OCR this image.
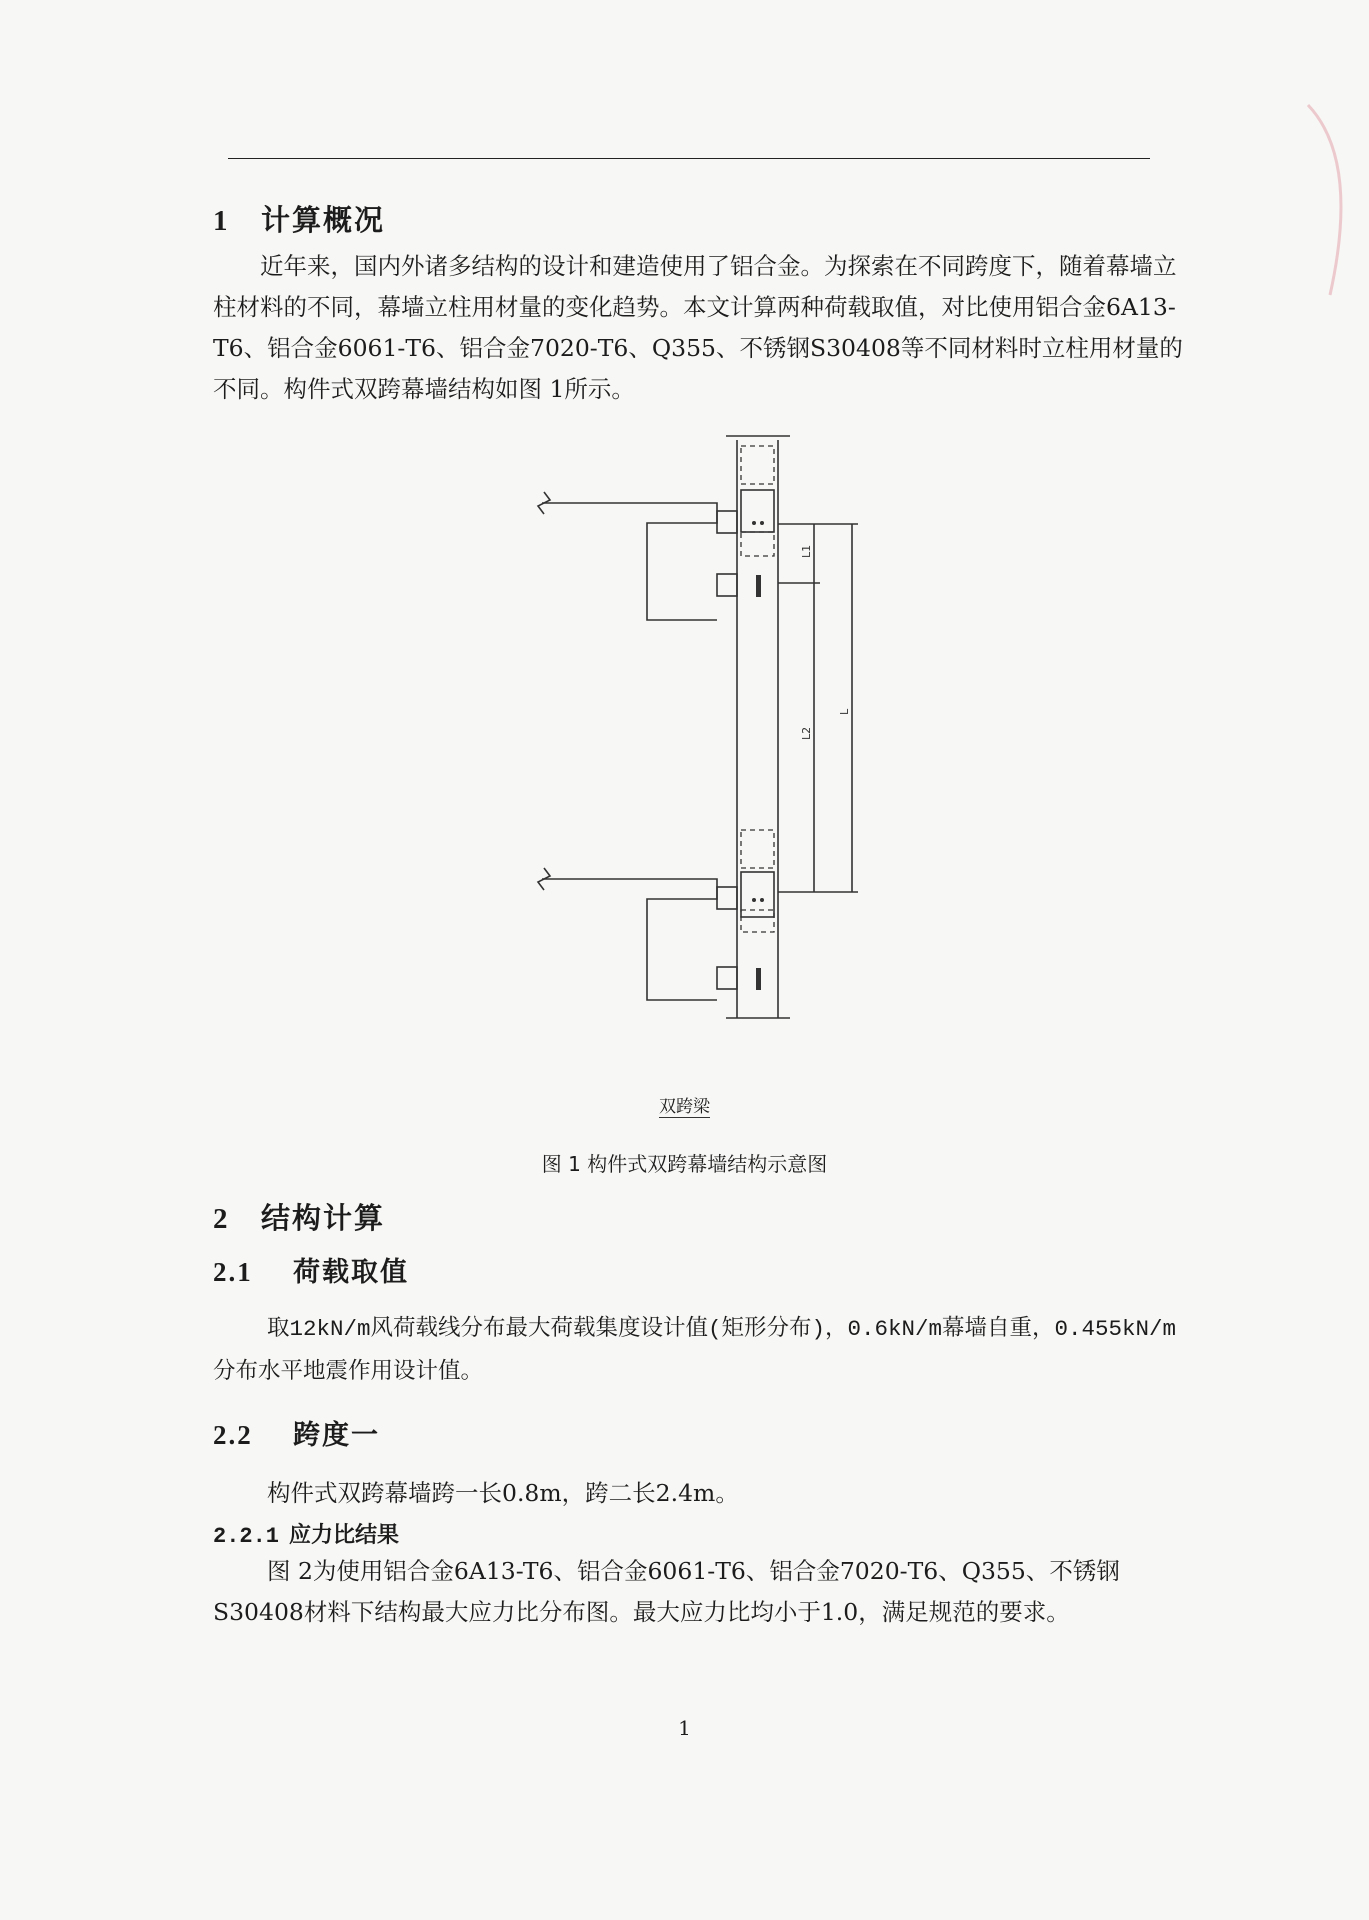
1 计算概况

近年来，国内外诸多结构的设计和建造使用了铝合金。为探索在不同跨度下，随着幕墙立柱材料的不同，幕墙立柱用材量的变化趋势。本文计算两种荷载取值，对比使用铝合金6A13-T6、铝合金6061-T6、铝合金7020-T6、Q355、不锈钢S30408等不同材料时立柱用材量的不同。构件式双跨幕墙结构如图 1所示。

L1
L2
L
双跨梁
图 1 构件式双跨幕墙结构示意图
2 结构计算
2.1 荷载取值

取12kN/m风荷载线分布最大荷载集度设计值(矩形分布)，0.6kN/m幕墙自重，0.455kN/m分布水平地震作用设计值。

2.2 跨度一

构件式双跨幕墙跨一长0.8m，跨二长2.4m。

2.2.1 应力比结果

图 2为使用铝合金6A13-T6、铝合金6061-T6、铝合金7020-T6、Q355、不锈钢S30408材料下结构最大应力比分布图。最大应力比均小于1.0，满足规范的要求。

1
